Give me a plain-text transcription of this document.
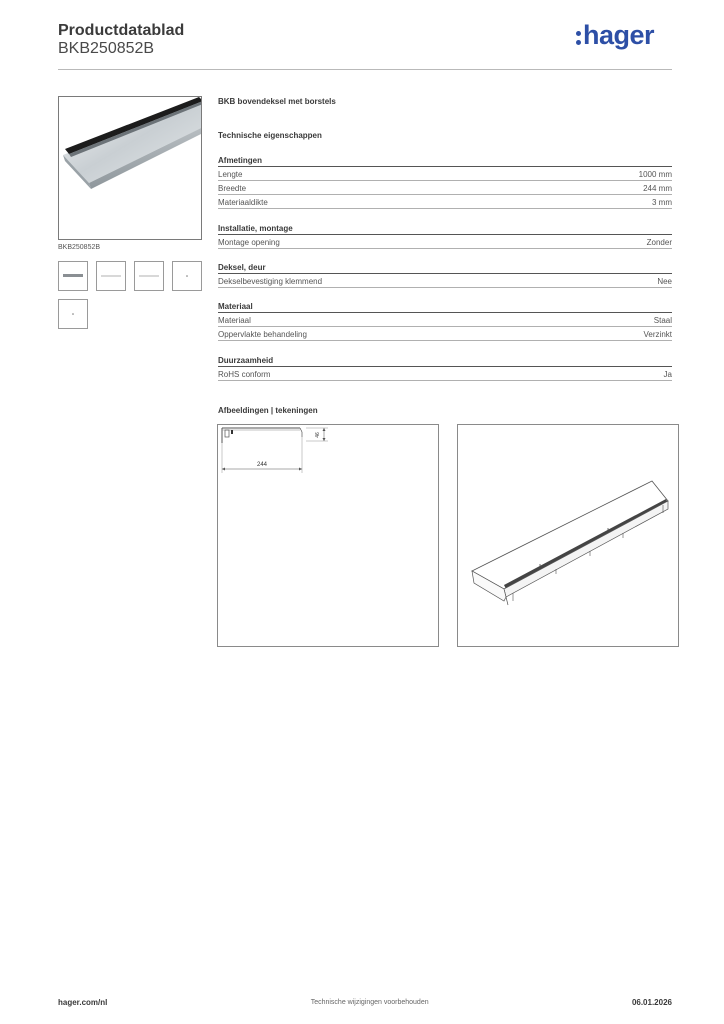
Productdatablad
BKB250852B	hager
BKB250852B
BKB bovendeksel met borstels
Technische eigenschappen
Afmetingen
Lengte	1000 mm
Breedte	244 mm
Materiaaldikte	3 mm
Installatie, montage
Montage opening	Zonder
Deksel, deur
Dekselbevestiging klemmend	Nee
Materiaal
Materiaal	Staal
Oppervlakte behandeling	Verzinkt
Duurzaamheid
RoHS conform	Ja
Afbeeldingen | tekeningen
46
244
hager.com/nl	Technische wijzigingen voorbehouden	06.01.2026
